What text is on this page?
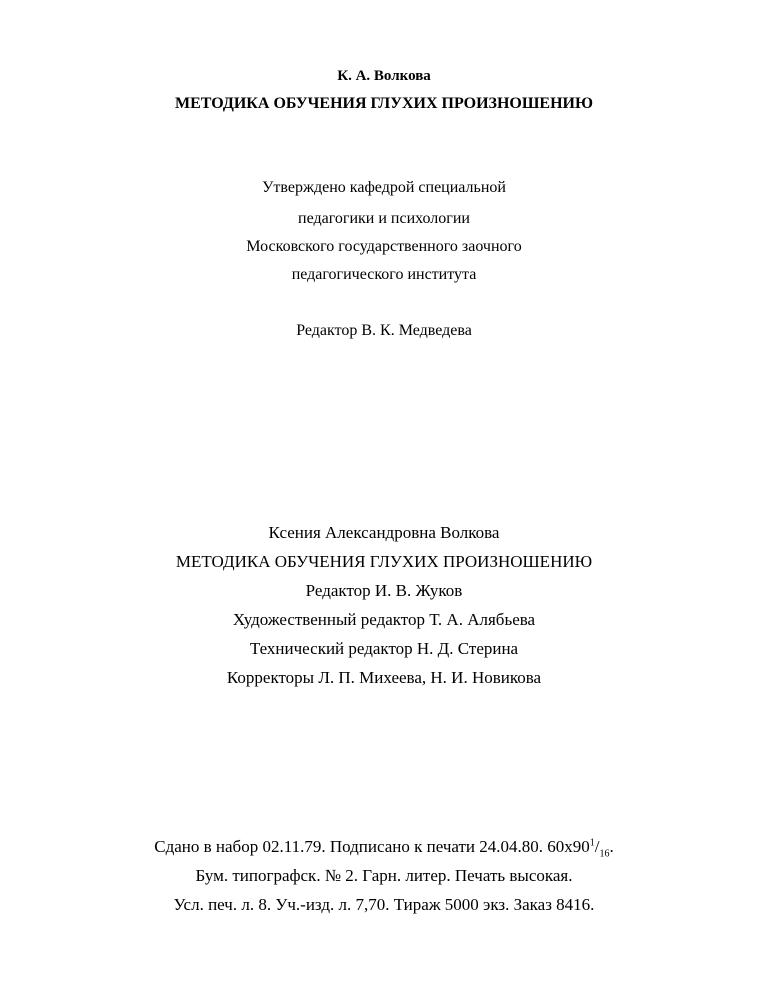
К. А. Волкова
МЕТОДИКА ОБУЧЕНИЯ ГЛУХИХ ПРОИЗНОШЕНИЮ
Утверждено кафедрой специальной
педагогики и психологии
Московского государственного заочного
педагогического института
Редактор В. К. Медведева
Ксения Александровна Волкова
МЕТОДИКА ОБУЧЕНИЯ ГЛУХИХ ПРОИЗНОШЕНИЮ
Редактор И. В. Жуков
Художественный редактор Т. А. Алябьева
Технический редактор Н. Д. Стерина
Корректоры Л. П. Михеева, Н. И. Новикова
Сдано в набор 02.11.79. Подписано к печати 24.04.80. $60x90^1/_{16}$.
Бум. типографск. № 2. Гарн. литер. Печать высокая.
Усл. печ. л. 8. Уч.-изд. л. 7,70. Тираж 5000 экз. Заказ 8416.
